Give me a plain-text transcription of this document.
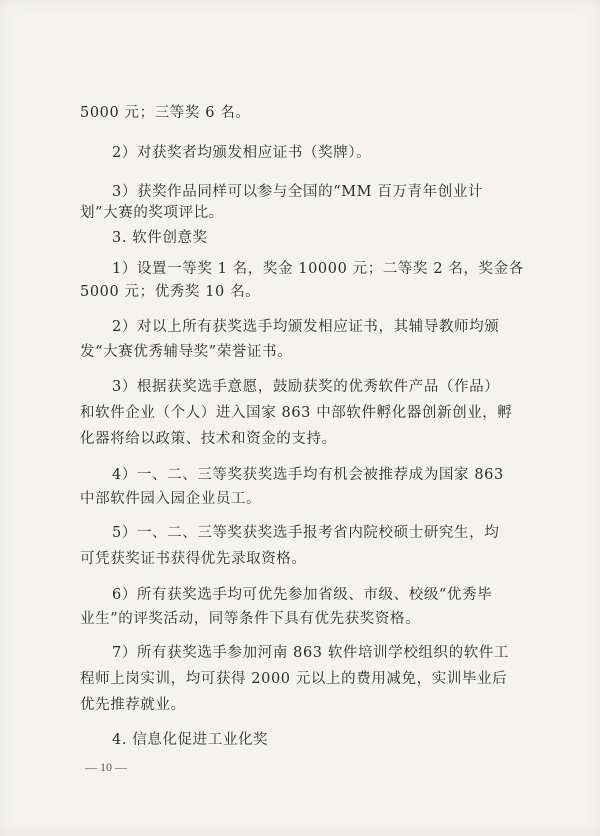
5000 元；三等奖 6 名。
2）对获奖者均颁发相应证书（奖牌）。
3）获奖作品同样可以参与全国的“MM 百万青年创业计
划”大赛的奖项评比。
3. 软件创意奖
1）设置一等奖 1 名，奖金 10000 元；二等奖 2 名，奖金各
5000 元；优秀奖 10 名。
2）对以上所有获奖选手均颁发相应证书，其辅导教师均颁
发“大赛优秀辅导奖”荣誉证书。
3）根据获奖选手意愿，鼓励获奖的优秀软件产品（作品）
和软件企业（个人）进入国家 863 中部软件孵化器创新创业，孵
化器将给以政策、技术和资金的支持。
4）一、二、三等奖获奖选手均有机会被推荐成为国家 863
中部软件园入园企业员工。
5）一、二、三等奖获奖选手报考省内院校硕士研究生，均
可凭获奖证书获得优先录取资格。
6）所有获奖选手均可优先参加省级、市级、校级“优秀毕
业生”的评奖活动，同等条件下具有优先获奖资格。
7）所有获奖选手参加河南 863 软件培训学校组织的软件工
程师上岗实训，均可获得 2000 元以上的费用减免，实训毕业后
优先推荐就业。
4. 信息化促进工业化奖
— 10 —
